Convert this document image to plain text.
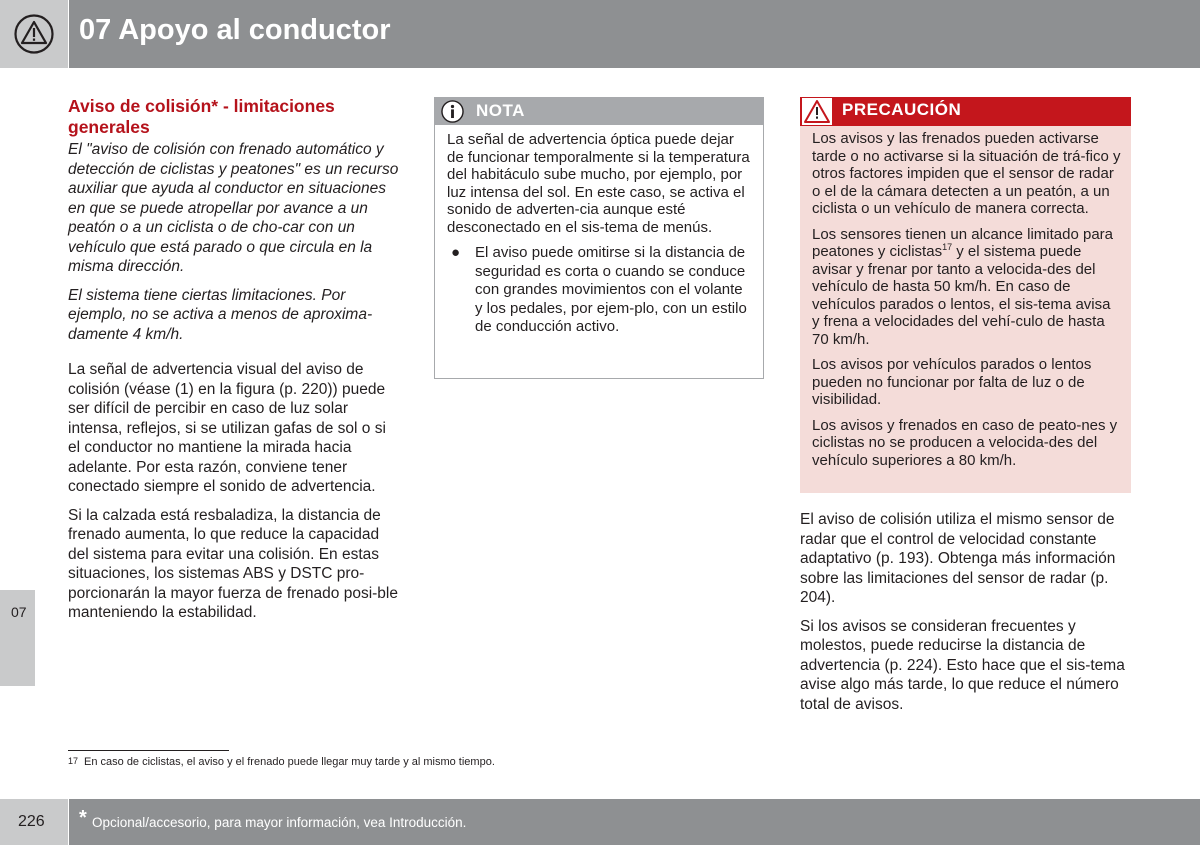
07 Apoyo al conductor
07
Aviso de colisión* - limitaciones generales

El "aviso de colisión con frenado automático y detección de ciclistas y peatones" es un recurso auxiliar que ayuda al conductor en situaciones en que se puede atropellar por avance a un peatón o a un ciclista o de cho-car con un vehículo que está parado o que circula en la misma dirección.

El sistema tiene ciertas limitaciones. Por ejemplo, no se activa a menos de aproxima-damente 4 km/h.

La señal de advertencia visual del aviso de colisión (véase (1) en la figura (p. 220)) puede ser difícil de percibir en caso de luz solar intensa, reflejos, si se utilizan gafas de sol o si el conductor no mantiene la mirada hacia adelante. Por esta razón, conviene tener conectado siempre el sonido de advertencia.

Si la calzada está resbaladiza, la distancia de frenado aumenta, lo que reduce la capacidad del sistema para evitar una colisión. En estas situaciones, los sistemas ABS y DSTC pro-porcionarán la mayor fuerza de frenado posi-ble manteniendo la estabilidad.

NOTA

La señal de advertencia óptica puede dejar de funcionar temporalmente si la temperatura del habitáculo sube mucho, por ejemplo, por luz intensa del sol. En este caso, se activa el sonido de adverten-cia aunque esté desconectado en el sis-tema de menús.

● El aviso puede omitirse si la distancia de seguridad es corta o cuando se conduce con grandes movimientos con el volante y los pedales, por ejem-plo, con un estilo de conducción activo.
PRECAUCIÓN

Los avisos y las frenados pueden activarse tarde o no activarse si la situación de trá-fico y otros factores impiden que el sensor de radar o el de la cámara detecten a un peatón, a un ciclista o un vehículo de manera correcta.

Los sensores tienen un alcance limitado para peatones y ciclistas$^{17}$ y el sistema puede avisar y frenar por tanto a velocida-des del vehículo de hasta 50 km/h. En caso de vehículos parados o lentos, el sis-tema avisa y frena a velocidades del vehí-culo de hasta 70 km/h.

Los avisos por vehículos parados o lentos pueden no funcionar por falta de luz o de visibilidad.

Los avisos y frenados en caso de peato-nes y ciclistas no se producen a velocida-des del vehículo superiores a 80 km/h.

El aviso de colisión utiliza el mismo sensor de radar que el control de velocidad constante adaptativo (p. 193). Obtenga más información sobre las limitaciones del sensor de radar (p. 204).

Si los avisos se consideran frecuentes y molestos, puede reducirse la distancia de advertencia (p. 224). Esto hace que el sis-tema avise algo más tarde, lo que reduce el número total de avisos.

$^{17}$ En caso de ciclistas, el aviso y el frenado puede llegar muy tarde y al mismo tiempo.
226 * Opcional/accesorio, para mayor información, vea Introducción.
